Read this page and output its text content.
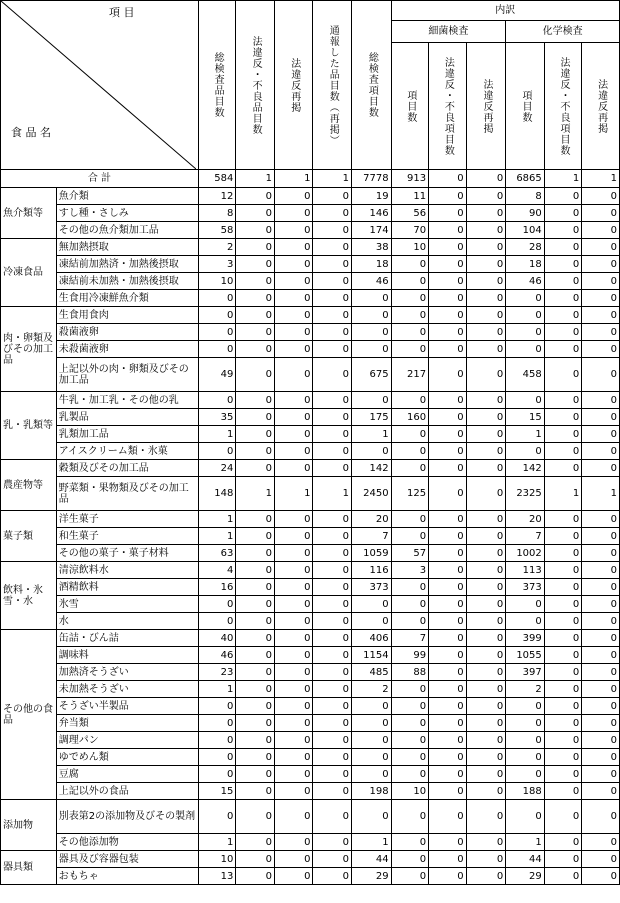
項 目
食 品 名		総検査品目数	法違反・不良品目数	法違反再掲	通報した品目数（再掲）	総検査項目数	内訳					
							細菌検査			化学検査		

							項目数	法違反・不良項目数	法違反再掲	項目数	法違反・不良項目数	法違反再掲

合 計		584	1	1	1	7778	913	0	0	6865	1	1
魚介類等	魚介類	12	0	0	0	19	11	0	0	8	0	0
	すし種・さしみ	8	0	0	0	146	56	0	0	90	0	0
	その他の魚介類加工品	58	0	0	0	174	70	0	0	104	0	0
冷凍食品	無加熱摂取	2	0	0	0	38	10	0	0	28	0	0
	凍結前加熱済・加熱後摂取	3	0	0	0	18	0	0	0	18	0	0
	凍結前未加熱・加熱後摂取	10	0	0	0	46	0	0	0	46	0	0
	生食用冷凍鮮魚介類	0	0	0	0	0	0	0	0	0	0	0
肉・卵類及びその加工品	生食用食肉	0	0	0	0	0	0	0	0	0	0	0
	殺菌液卵	0	0	0	0	0	0	0	0	0	0	0
	未殺菌液卵	0	0	0	0	0	0	0	0	0	0	0
	上記以外の肉・卵類及びその加工品	49	0	0	0	675	217	0	0	458	0	0
乳・乳類等	牛乳・加工乳・その他の乳	0	0	0	0	0	0	0	0	0	0	0
	乳製品	35	0	0	0	175	160	0	0	15	0	0
	乳類加工品	1	0	0	0	1	0	0	0	1	0	0
	アイスクリーム類・氷菓	0	0	0	0	0	0	0	0	0	0	0
農産物等	穀類及びその加工品	24	0	0	0	142	0	0	0	142	0	0
	野菜類・果物類及びその加工品	148	1	1	1	2450	125	0	0	2325	1	1
菓子類	洋生菓子	1	0	0	0	20	0	0	0	20	0	0
	和生菓子	1	0	0	0	7	0	0	0	7	0	0
	その他の菓子・菓子材料	63	0	0	0	1059	57	0	0	1002	0	0
飲料・氷雪・水	清涼飲料水	4	0	0	0	116	3	0	0	113	0	0
	酒精飲料	16	0	0	0	373	0	0	0	373	0	0
	氷雪	0	0	0	0	0	0	0	0	0	0	0
	水	0	0	0	0	0	0	0	0	0	0	0
その他の食品	缶詰・びん詰	40	0	0	0	406	7	0	0	399	0	0
	調味料	46	0	0	0	1154	99	0	0	1055	0	0
	加熱済そうざい	23	0	0	0	485	88	0	0	397	0	0
	未加熱そうざい	1	0	0	0	2	0	0	0	2	0	0
	そうざい半製品	0	0	0	0	0	0	0	0	0	0	0
	弁当類	0	0	0	0	0	0	0	0	0	0	0
	調理パン	0	0	0	0	0	0	0	0	0	0	0
	ゆでめん類	0	0	0	0	0	0	0	0	0	0	0
	豆腐	0	0	0	0	0	0	0	0	0	0	0
	上記以外の食品	15	0	0	0	198	10	0	0	188	0	0
添加物	別表第2の添加物及びその製剤	0	0	0	0	0	0	0	0	0	0	0
	その他添加物	1	0	0	0	1	0	0	0	1	0	0
器具類	器具及び容器包装	10	0	0	0	44	0	0	0	44	0	0
	おもちゃ	13	0	0	0	29	0	0	0	29	0	0
